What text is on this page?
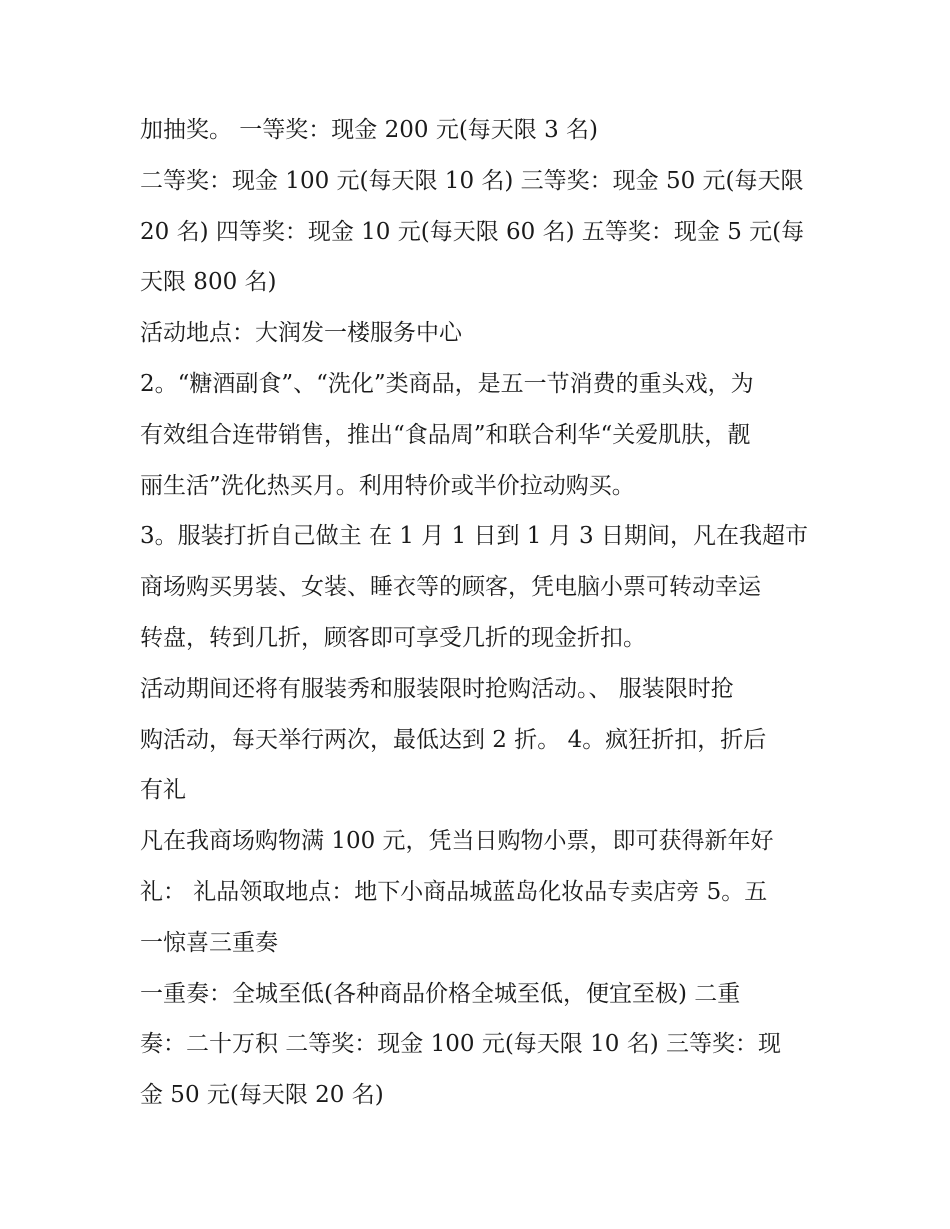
加抽奖。 一等奖：现金 200 元(每天限 3 名)
二等奖：现金 100 元(每天限 10 名) 三等奖：现金 50 元(每天限
20 名) 四等奖：现金 10 元(每天限 60 名) 五等奖：现金 5 元(每
天限 800 名)
活动地点：大润发一楼服务中心
2。“糖酒副食”、“洗化”类商品，是五一节消费的重头戏，为
有效组合连带销售，推出“食品周”和联合利华“关爱肌肤，靓
丽生活”洗化热买月。利用特价或半价拉动购买。
3。服装打折自己做主 在 1 月 1 日到 1 月 3 日期间，凡在我超市
商场购买男装、女装、睡衣等的顾客，凭电脑小票可转动幸运
转盘，转到几折，顾客即可享受几折的现金折扣。
活动期间还将有服装秀和服装限时抢购活动。、 服装限时抢
购活动，每天举行两次，最低达到 2 折。 4。疯狂折扣，折后
有礼
凡在我商场购物满 100 元，凭当日购物小票，即可获得新年好
礼： 礼品领取地点：地下小商品城蓝岛化妆品专卖店旁 5。五
一惊喜三重奏
一重奏：全城至低(各种商品价格全城至低，便宜至极) 二重
奏：二十万积 二等奖：现金 100 元(每天限 10 名) 三等奖：现
金 50 元(每天限 20 名)
